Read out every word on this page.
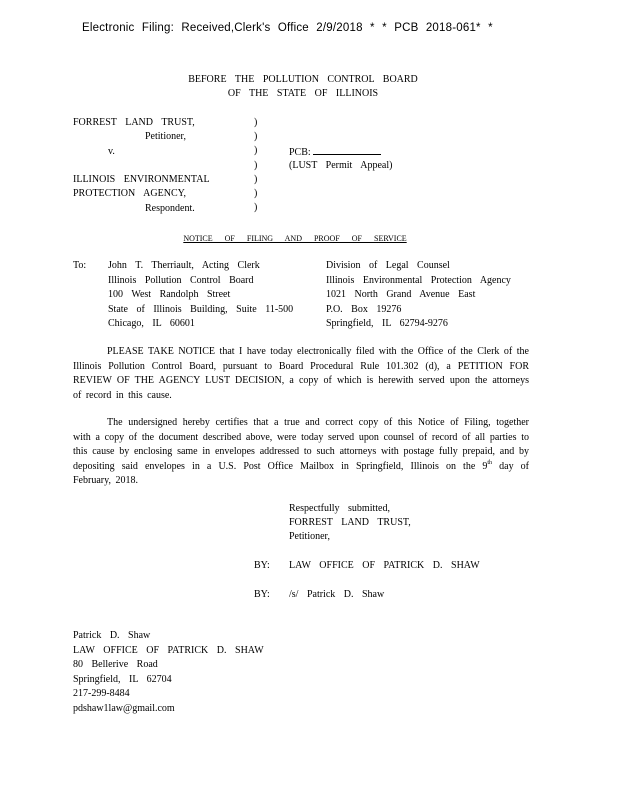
Electronic Filing: Received,Clerk's Office 2/9/2018 * * PCB 2018-061* *
BEFORE THE POLLUTION CONTROL BOARD
OF THE STATE OF ILLINOIS
FORREST LAND TRUST,
Petitioner,
v.
ILLINOIS ENVIRONMENTAL
PROTECTION AGENCY,
Respondent.
)
)
)
)
)
)
)
PCB:
(LUST Permit Appeal)
NOTICE OF FILING AND PROOF OF SERVICE
To: John T. Therriault, Acting Clerk
Illinois Pollution Control Board
100 West Randolph Street
State of Illinois Building, Suite 11-500
Chicago, IL 60601
Division of Legal Counsel
Illinois Environmental Protection Agency
1021 North Grand Avenue East
P.O. Box 19276
Springfield, IL 62794-9276

PLEASE TAKE NOTICE that I have today electronically filed with the Office of the Clerk of the Illinois Pollution Control Board, pursuant to Board Procedural Rule 101.302 (d), a PETITION FOR REVIEW OF THE AGENCY LUST DECISION, a copy of which is herewith served upon the attorneys of record in this cause.

The undersigned hereby certifies that a true and correct copy of this Notice of Filing, together with a copy of the document described above, were today served upon counsel of record of all parties to this cause by enclosing same in envelopes addressed to such attorneys with postage fully prepaid, and by depositing said envelopes in a U.S. Post Office Mailbox in Springfield, Illinois on the 9th day of February, 2018.

Respectfully submitted,
FORREST LAND TRUST,
Petitioner,
BY: LAW OFFICE OF PATRICK D. SHAW
BY: /s/ Patrick D. Shaw
Patrick D. Shaw
LAW OFFICE OF PATRICK D. SHAW
80 Bellerive Road
Springfield, IL 62704
217-299-8484
pdshaw1law@gmail.com
